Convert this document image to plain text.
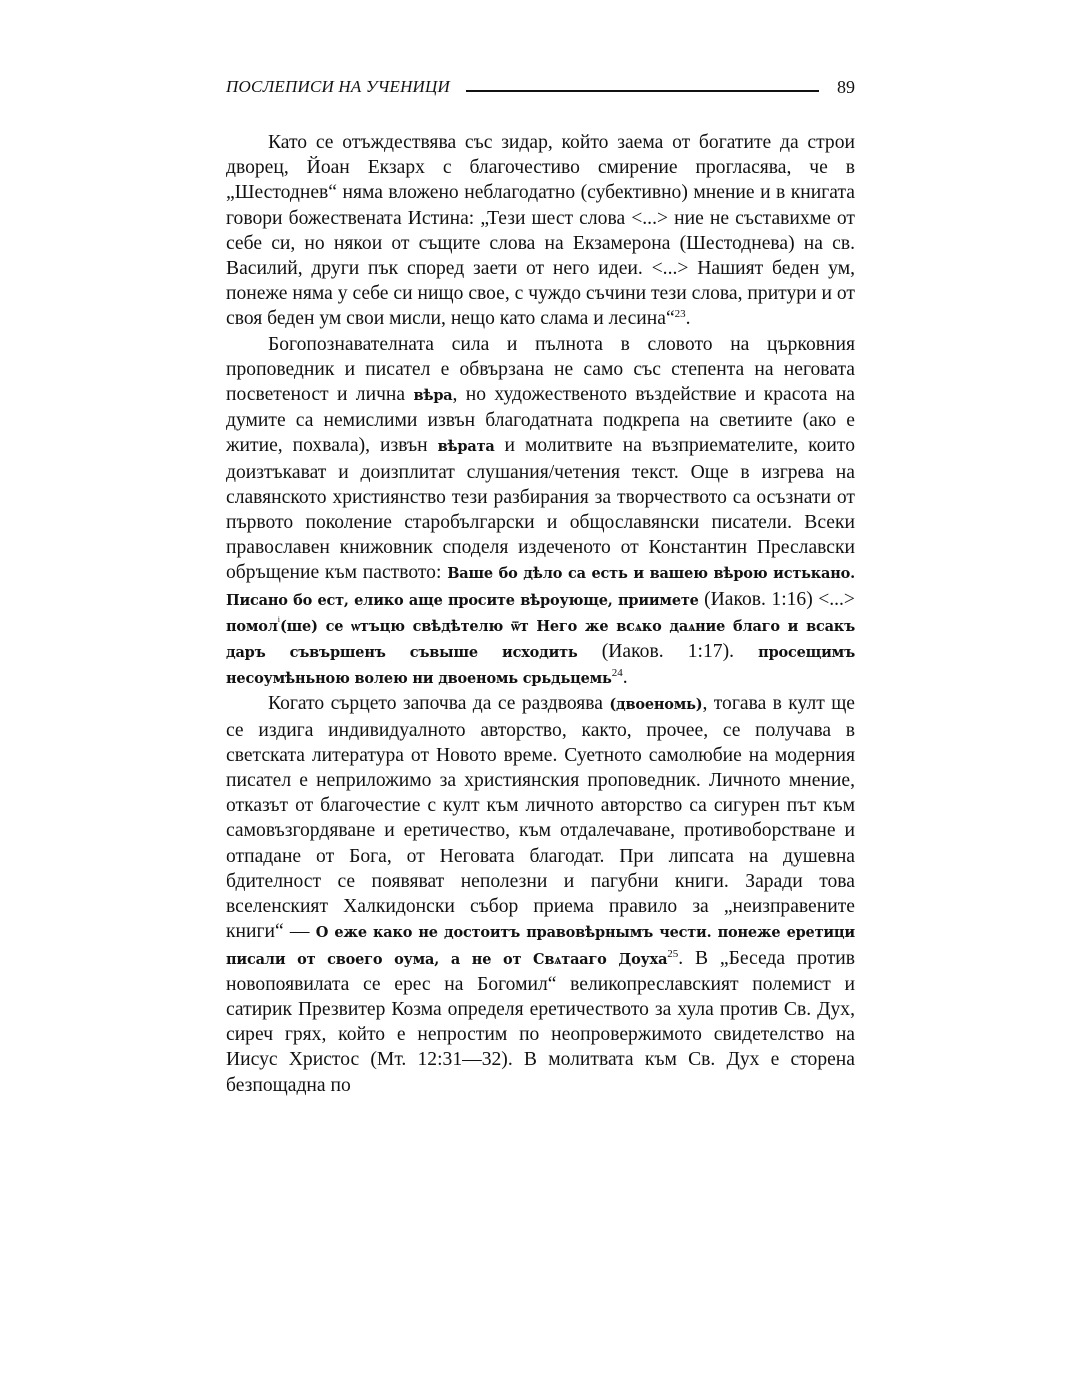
ПОСЛЕПИСИ НА УЧЕНИЦИ	89

Като се отъждествява със зидар, който заема от богатите да строи дворец, Йоан Екзарх с благочестиво смирение прогласява, че в „Шестоднев“ няма вложено неблагодатно (субективно) мнение и в книгата говори божествената Истина: „Тези шест слова <...> ние не съставихме от себе си, но някои от същите слова на Екзамерона (Шестоднева) на св. Василий, други пък според заети от него идеи. <...> Нашият беден ум, понеже няма у себе си нищо свое, с чуждо съчини тези слова, притури и от своя беден ум свои мисли, нещо като слама и лесина“$^{23}$.

Богопознавателната сила и пълнота в словото на църковния проповедник и писател е обвързана не само със степента на неговата посветеност и лична вѣра, но художественото въздействие и красота на думите са немислими извън благодатната подкрепа на светиите (ако е житие, похвала), извън вѣрата и молитвите на възприемателите, които доизтъкават и доизплитат слушания/четения текст. Още в изгрева на славянското християнство тези разбирания за творчеството са осъзнати от първото поколение старобългарски и общославянски писатели. Всеки православен книжовник споделя издеченото от Константин Преславски обръщение към паството: Ваше бо дѣло са есть и вашею вѣрою истькано. Писано бо ест, елико аще просите вѣроующе, приимете (Иаков. 1:16) <...> помол$^і$(ше) се ѡтъцю свѣдѣтелю ѿт Него же всѧко даѧние благо и всакъ даръ съвършенъ съвыше исходить (Иаков. 1:17). просещимъ несоумѣньною волею ни двоеномь срьдьцемь$^{24}$.

Когато сърцето започва да се раздвоява (двоеномь), тогава в култ ще се издига индивидуалното авторство, както, прочее, се получава в светската литература от Новото време. Суетното самолюбие на модерния писател е неприложимо за християнския проповедник. Личното мнение, отказът от благочестие с култ към личното авторство са сигурен път към самовъзгордяване и еретичество, към отдалечаване, противоборстване и отпадане от Бога, от Неговата благодат. При липсата на душевна бдителност се появяват неполезни и пагубни книги. Заради това вселенският Халкидонски събор приема правило за „неизправените книги“ — О еже како не достоитъ правовѣрнымъ чести. понеже еретици писали от своего оума, а не от Свѧтааго Доуха$^{25}$. В „Беседа против новопоявилата се ерес на Богомил“ великопреславският полемист и сатирик Презвитер Козма определя еретичеството за хула против Св. Дух, сиреч грях, който е непростим по неопровержимото свидетелство на Иисус Христос (Мт. 12:31—32). В молитвата към Св. Дух е сторена безпощадна по
